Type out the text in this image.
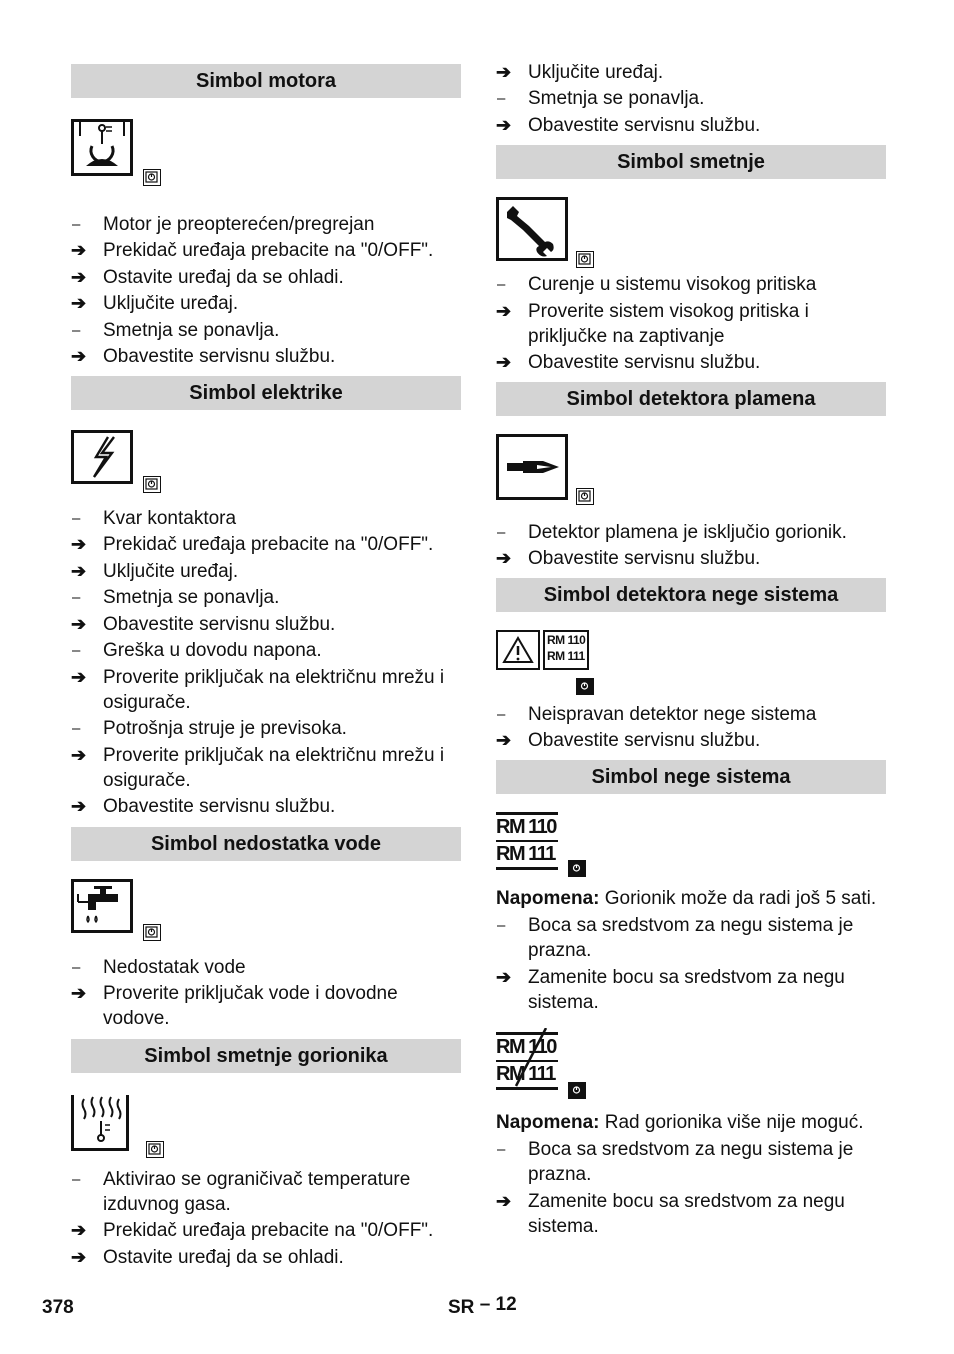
Simbol motora
–	Motor je preopterećen/pregrejan
➔ Prekidač uređaja prebacite na "0/OFF".
➔ Ostavite uređaj da se ohladi.
➔ Uključite uređaj.
–	Smetnja se ponavlja.
➔ Obavestite servisnu službu.
Simbol elektrike
–	Kvar kontaktora
➔ Prekidač uređaja prebacite na "0/OFF".
➔ Uključite uređaj.
–	Smetnja se ponavlja.
➔ Obavestite servisnu službu.
–	Greška u dovodu napona.
➔ Proverite priključak na električnu mrežu i osigurače.
–	Potrošnja struje je previsoka.
➔ Proverite priključak na električnu mrežu i osigurače.
➔ Obavestite servisnu službu.
Simbol nedostatka vode
–	Nedostatak vode
➔ Proverite priključak vode i dovodne vodove.
Simbol smetnje gorionika
–	Aktivirao se ograničivač temperature izduvnog gasa.
➔ Prekidač uređaja prebacite na "0/OFF".
➔ Ostavite uređaj da se ohladi.
➔ Uključite uređaj.
–	Smetnja se ponavlja.
➔ Obavestite servisnu službu.
Simbol smetnje
–	Curenje u sistemu visokog pritiska
➔ Proverite sistem visokog pritiska i priključke na zaptivanje
➔ Obavestite servisnu službu.
Simbol detektora plamena
–	Detektor plamena je isključio gorionik.
➔ Obavestite servisnu službu.
Simbol detektora nege sistema
RM 110
RM 111
–	Neispravan detektor nege sistema
➔ Obavestite servisnu službu.
Simbol nege sistema
RM 110
RM 111
Napomena: Gorionik može da radi još 5 sati.
–	Boca sa sredstvom za negu sistema je prazna.
➔ Zamenite bocu sa sredstvom za negu sistema.
RM 110
RM 111
Napomena: Rad gorionika više nije moguć.
–	Boca sa sredstvom za negu sistema je prazna.
➔ Zamenite bocu sa sredstvom za negu sistema.
378	SR – 12
